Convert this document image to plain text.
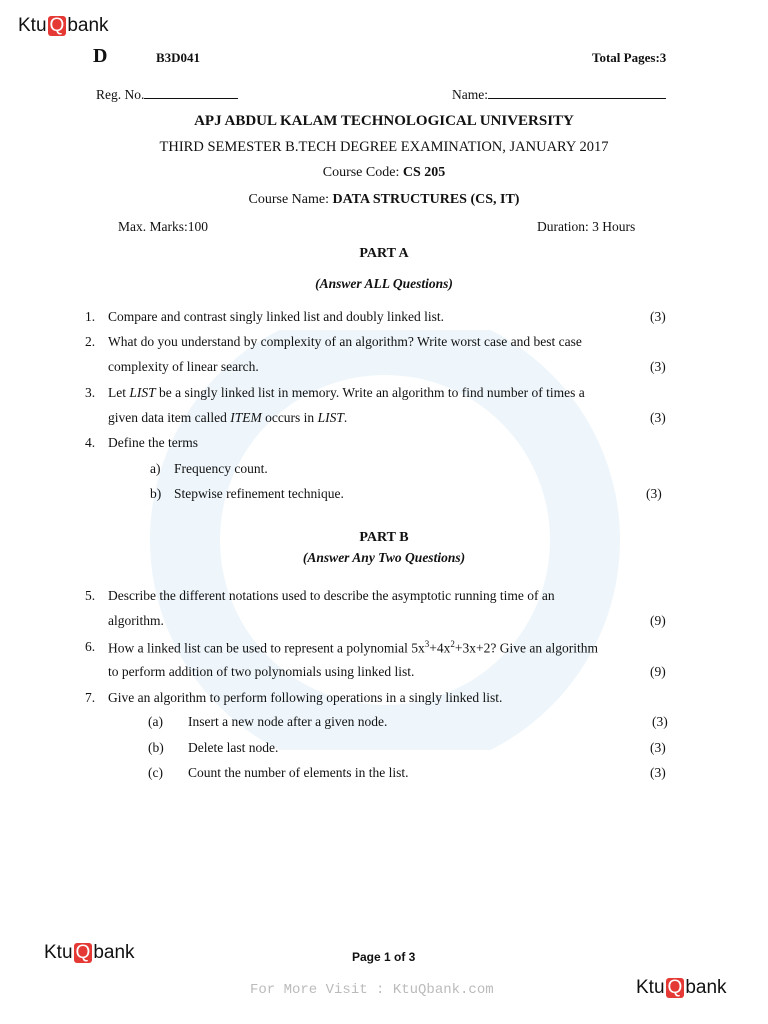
Ktu Q bank
D	B3D041	Total Pages:3
Reg. No.	Name:
APJ ABDUL KALAM TECHNOLOGICAL UNIVERSITY
THIRD SEMESTER B.TECH DEGREE EXAMINATION, JANUARY 2017
Course Code: CS 205
Course Name: DATA STRUCTURES (CS, IT)
Max. Marks:100	Duration: 3 Hours
PART A
(Answer ALL Questions)
1. Compare and contrast singly linked list and doubly linked list.	(3)
2. What do you understand by complexity of an algorithm? Write worst case and best case
complexity of linear search.	(3)
3. Let LIST be a singly linked list in memory. Write an algorithm to find number of times a
given data item called ITEM occurs in LIST.	(3)
4. Define the terms
a) Frequency count.
b) Stepwise refinement technique.	(3)
PART B
(Answer Any Two Questions)
5. Describe the different notations used to describe the asymptotic running time of an
algorithm.	(9)
6. How a linked list can be used to represent a polynomial $5x^3+4x^2+3x+2$? Give an algorithm
to perform addition of two polynomials using linked list.	(9)
7. Give an algorithm to perform following operations in a singly linked list.
(a) Insert a new node after a given node.	(3)
(b) Delete last node.	(3)
(c) Count the number of elements in the list.	(3)
Ktu Q bank	Page 1 of 3
For More Visit : KtuQbank.com	Ktu Q bank
